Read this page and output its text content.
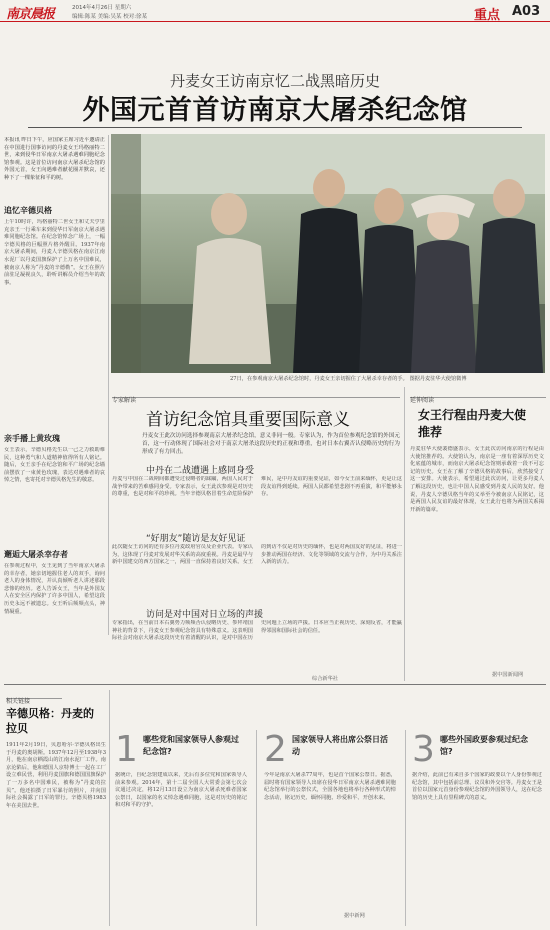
南京晨报	2014年4月26日 星期六
编辑:陈某 美编:吴某 校对:徐某	重点 A03
丹麦女王访南京忆二战黑暗历史
外国元首首访南京大屠杀纪念馆
本报讯 昨日下午，应国家主席习近平邀请正在中国进行国事访问的丹麦女王玛格丽特二世，来到侵华日军南京大屠杀遇难同胞纪念馆参观。这是首位访问南京大屠杀纪念馆的外国元首，女王向遇难者献花圈并默哀，还种下了一棵象征和平的树。
追忆辛德贝格
上午10时许，玛格丽特二世女王和丈夫亨里克亲王一行乘车来到侵华日军南京大屠杀遇难同胞纪念馆。在纪念馆悼念广场上，一幅辛德贝格的巨幅照片格外醒目。1937年南京大屠杀期间，丹麦人辛德贝格在南京江南水泥厂以丹麦国旗保护了上万名中国难民，被南京人称为“丹麦的辛德勒”。女王在照片前驻足凝视良久，聆听讲解员介绍当年的故事。
亲手播上黄玫瑰
女王表示，辛德贝格先生以一己之力救助难民，这种勇气和人道精神值得所有人铭记。随后，女王亲手在纪念馆和平广场的纪念墙前摆放了一束黄色玫瑰，表达对遇难者的哀悼之情，也寄托对辛德贝格先生的敬意。
邂逅大屠杀幸存者
在参观过程中，女王见到了当年南京大屠杀的幸存者，她亲切地握住老人的双手，询问老人的身体情况，并认真倾听老人讲述那段悲惨的经历。老人告诉女王，当年是外国友人在安全区内保护了许多中国人，希望这段历史永远不被遗忘。女王听后频频点头，神情凝重。
27日，在参观南京大屠杀纪念馆时，丹麦女王亲切握住了大屠杀幸存者的手。 图据丹麦驻华大使馆微博
专家解读
首访纪念馆具重要国际意义
丹麦女王此次访问选择参观南京大屠杀纪念馆，意义非同一般。专家认为，作为首位参观纪念馆的外国元首，这一行动体现了国际社会对于南京大屠杀这段历史的正视和尊重，也对日本右翼否认侵略历史的行为形成了有力回击。
中丹在二战遭遇上感同身受
丹麦与中国在二战期间都遭受过侵略者的蹂躏，两国人民对于战争带来的苦难感同身受。专家表示，女王此次参观是对历史的尊重，也是对和平的珍视。当年辛德贝格冒着生命危险保护难民，是中丹友谊的重要见证，如今女王前来缅怀，更是让这段友谊得到延续。两国人民都希望悲剧不再重演，和平能够永存。
“好朋友”随访是友好见证
此次随女王访问的还有多位丹麦政府官员及企业代表。专家认为，这体现了丹麦对发展对华关系的高度重视。丹麦是最早与新中国建交的西方国家之一，两国一直保持着良好关系。女王的到访不仅是对历史的缅怀，也是对两国友好的见证，将进一步推动两国在经济、文化等领域的交流与合作，为中丹关系注入新的活力。
访问是对中国对日立场的声援
专家指出，在当前日本右翼势力频频否认侵略历史、参拜靖国神社的背景下，丹麦女王参观纪念馆具有特殊意义。这表明国际社会对南京大屠杀这段历史有着清醒的认识，是对中国在历史问题上立场的声援。日本应当正视历史、深刻反省，才能赢得邻国和国际社会的信任。
综合新华社
延伸阅读
女王行程由丹麦大使推荐
丹麦驻华大使裴德盛表示，女王此次访问南京的行程是由大使馆推荐的。大使馆认为，南京是一座有着深厚历史文化底蕴的城市，而南京大屠杀纪念馆则承载着一段不可忘记的历史。女王在了解了辛德贝格的故事后，欣然接受了这一安排。大使表示，希望通过此次访问，让更多丹麦人了解这段历史，也让中国人民感受到丹麦人民的友好。他说，丹麦人辛德贝格当年的义举至今被南京人民铭记，这是两国人民友谊的最好体现，女王此行也将为两国关系揭开新的篇章。
据中国新闻网
相关链接
辛德贝格：丹麦的拉贝
1911年2月19日，贝恩哈尔·辛德贝格出生于丹麦的奥胡斯。1937年12月至1938年3月，他在南京栖霞山的江南水泥厂工作。南京沦陷后，他和德国人京特博士一起在工厂设立难民营，利用丹麦国旗和德国国旗保护了一万多名中国难民，被称为“丹麦的拉贝”。他还拍摄了日军暴行的照片，并向国际社会揭露了日军的罪行。辛德贝格1983年在美国去世。
1 哪些党和国家领导人参观过纪念馆?
据统计，自纪念馆建成以来，先后有多位党和国家领导人前来参观。2014年，第十二届全国人大常委会第七次会议通过决定，将12月13日设立为南京大屠杀死难者国家公祭日，以国家的名义悼念遇难同胞，这是对历史的铭记和对和平的守护。
2 国家领导人将出席公祭日活动
今年是南京大屠杀77周年，也是首个国家公祭日。据悉，届时将有国家领导人出席在侵华日军南京大屠杀遇难同胞纪念馆举行的公祭仪式，全国各地也将举行各种形式的悼念活动，铭记历史、缅怀同胞、珍爱和平、开创未来。
据中新网
3 哪些外国政要参观过纪念馆?
据介绍，此前已有来自多个国家的政要以个人身份参观过纪念馆，其中包括前总理、议员和外交官等。丹麦女王是首位以国家元首身份参观纪念馆的外国领导人，这在纪念馆的历史上具有里程碑式的意义。
